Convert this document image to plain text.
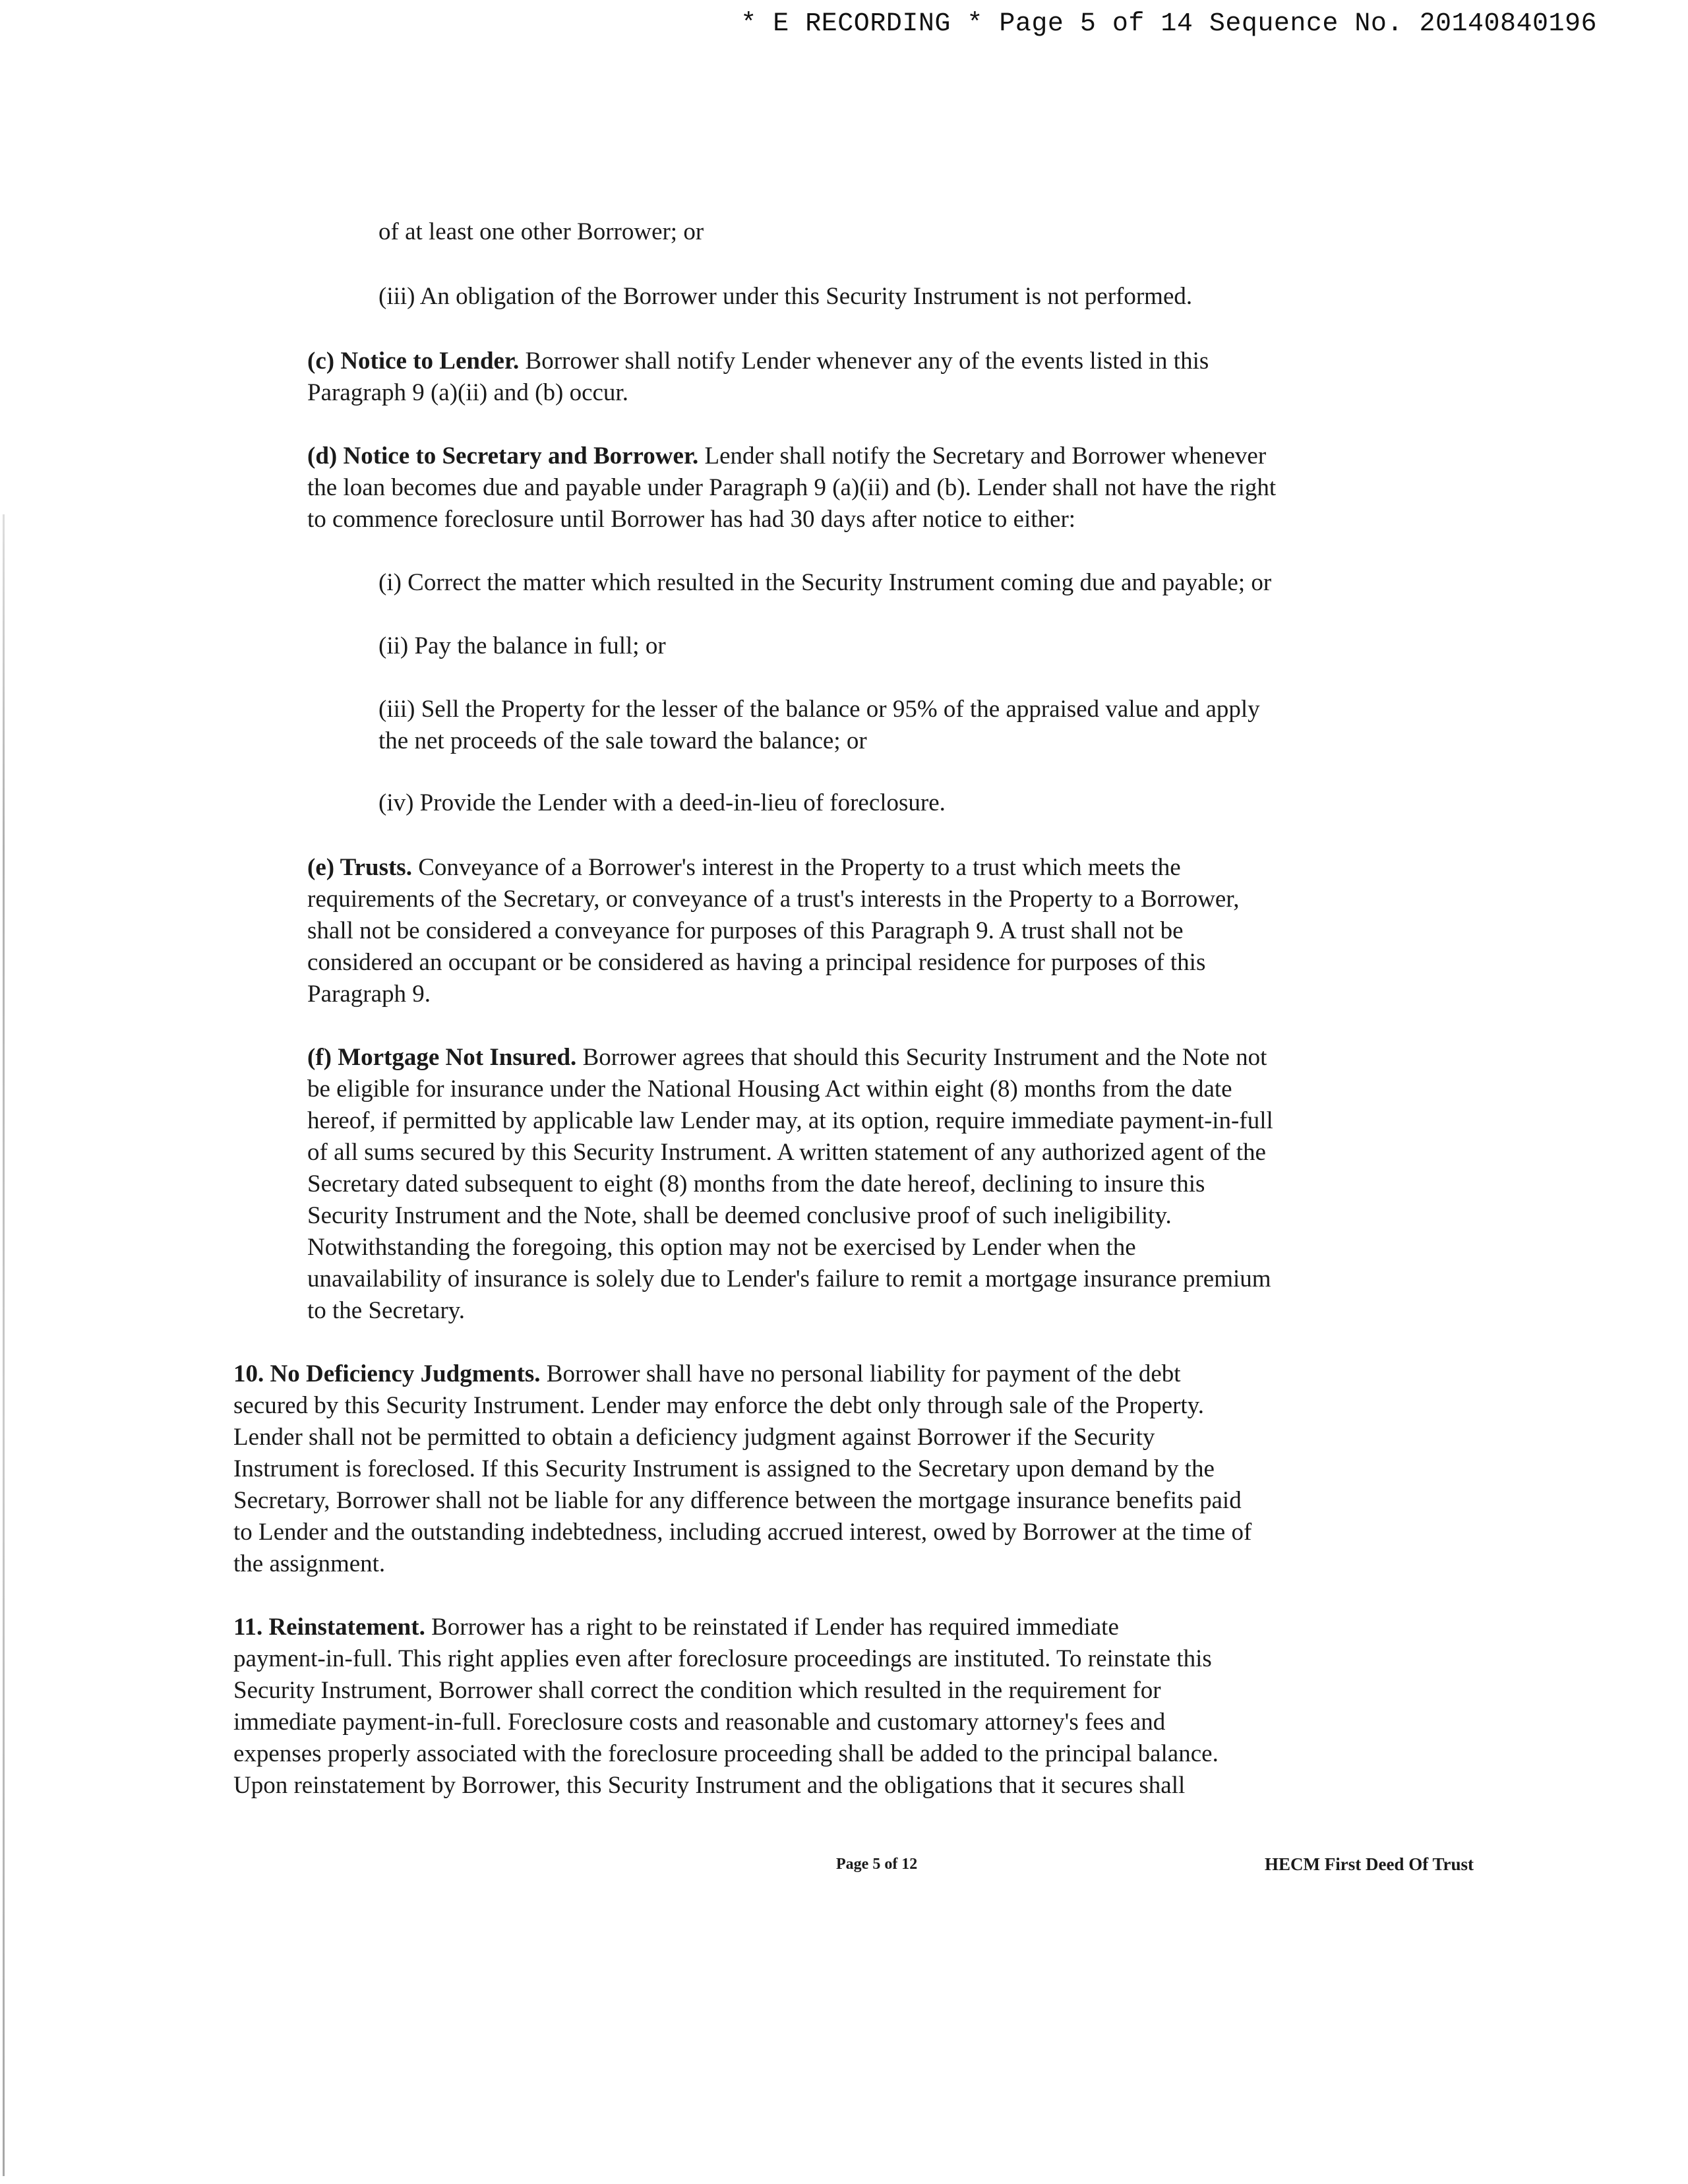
* E RECORDING * Page 5 of 14 Sequence No. 20140840196
of at least one other Borrower; or
(iii) An obligation of the Borrower under this Security Instrument is not performed.
(c) Notice to Lender. Borrower shall notify Lender whenever any of the events listed in this
Paragraph 9 (a)(ii) and (b) occur.
(d) Notice to Secretary and Borrower. Lender shall notify the Secretary and Borrower whenever
the loan becomes due and payable under Paragraph 9 (a)(ii) and (b). Lender shall not have the right
to commence foreclosure until Borrower has had 30 days after notice to either:
(i) Correct the matter which resulted in the Security Instrument coming due and payable; or
(ii) Pay the balance in full; or
(iii) Sell the Property for the lesser of the balance or 95% of the appraised value and apply
the net proceeds of the sale toward the balance; or
(iv) Provide the Lender with a deed-in-lieu of foreclosure.
(e) Trusts. Conveyance of a Borrower's interest in the Property to a trust which meets the
requirements of the Secretary, or conveyance of a trust's interests in the Property to a Borrower,
shall not be considered a conveyance for purposes of this Paragraph 9. A trust shall not be
considered an occupant or be considered as having a principal residence for purposes of this
Paragraph 9.
(f) Mortgage Not Insured. Borrower agrees that should this Security Instrument and the Note not
be eligible for insurance under the National Housing Act within eight (8) months from the date
hereof, if permitted by applicable law Lender may, at its option, require immediate payment-in-full
of all sums secured by this Security Instrument. A written statement of any authorized agent of the
Secretary dated subsequent to eight (8) months from the date hereof, declining to insure this
Security Instrument and the Note, shall be deemed conclusive proof of such ineligibility.
Notwithstanding the foregoing, this option may not be exercised by Lender when the
unavailability of insurance is solely due to Lender's failure to remit a mortgage insurance premium
to the Secretary.
10. No Deficiency Judgments. Borrower shall have no personal liability for payment of the debt
secured by this Security Instrument. Lender may enforce the debt only through sale of the Property.
Lender shall not be permitted to obtain a deficiency judgment against Borrower if the Security
Instrument is foreclosed. If this Security Instrument is assigned to the Secretary upon demand by the
Secretary, Borrower shall not be liable for any difference between the mortgage insurance benefits paid
to Lender and the outstanding indebtedness, including accrued interest, owed by Borrower at the time of
the assignment.
11. Reinstatement. Borrower has a right to be reinstated if Lender has required immediate
payment-in-full. This right applies even after foreclosure proceedings are instituted. To reinstate this
Security Instrument, Borrower shall correct the condition which resulted in the requirement for
immediate payment-in-full. Foreclosure costs and reasonable and customary attorney's fees and
expenses properly associated with the foreclosure proceeding shall be added to the principal balance.
Upon reinstatement by Borrower, this Security Instrument and the obligations that it secures shall
Page 5 of 12	HECM First Deed Of Trust
